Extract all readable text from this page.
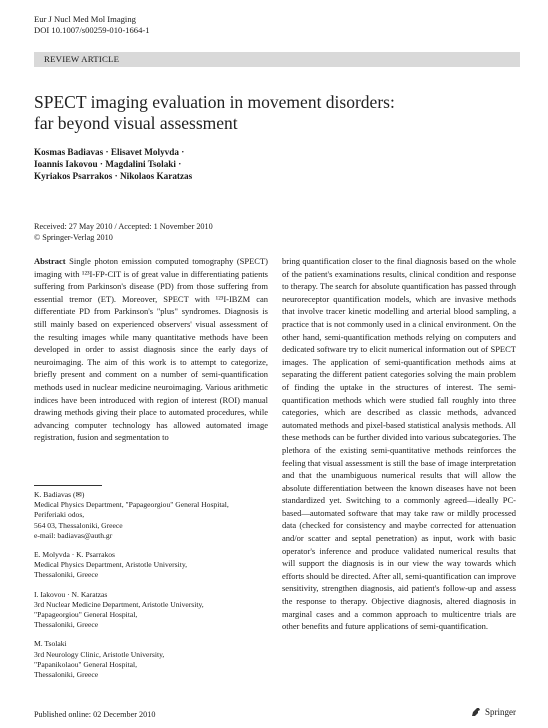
Eur J Nucl Med Mol Imaging
DOI 10.1007/s00259-010-1664-1
REVIEW ARTICLE
SPECT imaging evaluation in movement disorders:
far beyond visual assessment
Kosmas Badiavas · Elisavet Molyvda ·
Ioannis Iakovou · Magdalini Tsolaki ·
Kyriakos Psarrakos · Nikolaos Karatzas
Received: 27 May 2010 / Accepted: 1 November 2010
© Springer-Verlag 2010

Abstract Single photon emission computed tomography (SPECT) imaging with ¹²³I-FP-CIT is of great value in differentiating patients suffering from Parkinson's disease (PD) from those suffering from essential tremor (ET). Moreover, SPECT with ¹²³I-IBZM can differentiate PD from Parkinson's "plus" syndromes. Diagnosis is still mainly based on experienced observers' visual assessment of the resulting images while many quantitative methods have been developed in order to assist diagnosis since the early days of neuroimaging. The aim of this work is to attempt to categorize, briefly present and comment on a number of semi-quantification methods used in nuclear medicine neuroimaging. Various arithmetic indices have been introduced with region of interest (ROI) manual drawing methods giving their place to automated procedures, while advancing computer technology has allowed automated image registration, fusion and segmentation to

bring quantification closer to the final diagnosis based on the whole of the patient's examinations results, clinical condition and response to therapy. The search for absolute quantification has passed through neuroreceptor quantification models, which are invasive methods that involve tracer kinetic modelling and arterial blood sampling, a practice that is not commonly used in a clinical environment. On the other hand, semi-quantification methods relying on computers and dedicated software try to elicit numerical information out of SPECT images. The application of semi-quantification methods aims at separating the different patient categories solving the main problem of finding the uptake in the structures of interest. The semi-quantification methods which were studied fall roughly into three categories, which are described as classic methods, advanced automated methods and pixel-based statistical analysis methods. All these methods can be further divided into various subcategories. The plethora of the existing semi-quantitative methods reinforces the feeling that visual assessment is still the base of image interpretation and that the unambiguous numerical results that will allow the absolute differentiation between the known diseases have not been standardized yet. Switching to a commonly agreed—ideally PC-based—automated software that may take raw or mildly processed data (checked for consistency and maybe corrected for attenuation and/or scatter and septal penetration) as input, work with basic operator's inference and produce validated numerical results that will support the diagnosis is in our view the way towards which efforts should be directed. After all, semi-quantification can improve sensitivity, strengthen diagnosis, aid patient's follow-up and assess the response to therapy. Objective diagnosis, altered diagnosis in marginal cases and a common approach to multicentre trials are other benefits and future applications of semi-quantification.

K. Badiavas (✉)
Medical Physics Department, "Papageorgiou" General Hospital,
Periferiaki odos,
564 03, Thessaloniki, Greece
e-mail: badiavas@auth.gr
E. Molyvda · K. Psarrakos
Medical Physics Department, Aristotle University,
Thessaloniki, Greece
I. Iakovou · N. Karatzas
3rd Nuclear Medicine Department, Aristotle University,
"Papageorgiou" General Hospital,
Thessaloniki, Greece
M. Tsolaki
3rd Neurology Clinic, Aristotle University,
"Papanikolaou" General Hospital,
Thessaloniki, Greece
Published online: 02 December 2010	Springer
